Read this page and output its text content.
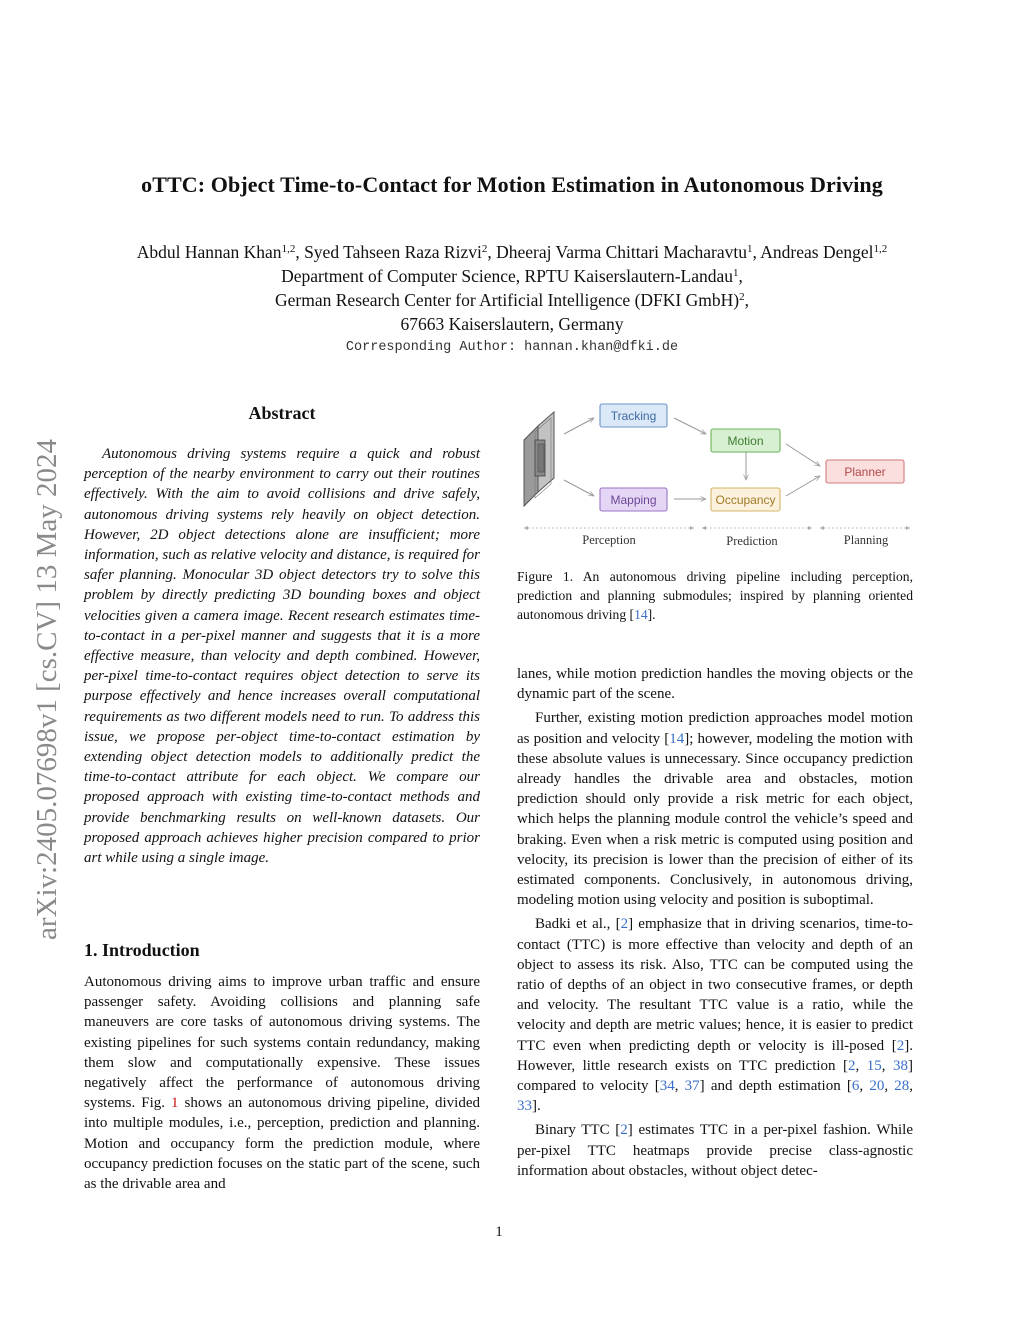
arXiv:2405.07698v1 [cs.CV] 13 May 2024
oTTC: Object Time-to-Contact for Motion Estimation in Autonomous Driving
Abdul Hannan Khan$^{1,2}$, Syed Tahseen Raza Rizvi$^2$, Dheeraj Varma Chittari Macharavtu$^1$, Andreas Dengel$^{1,2}$
Department of Computer Science, RPTU Kaiserslautern-Landau$^1$,
German Research Center for Artificial Intelligence (DFKI GmbH)$^2$,
67663 Kaiserslautern, Germany
Corresponding Author: hannan.khan@dfki.de
Abstract
Autonomous driving systems require a quick and robust perception of the nearby environment to carry out their routines effectively. With the aim to avoid collisions and drive safely, autonomous driving systems rely heavily on object detection. However, 2D object detections alone are insufficient; more information, such as relative velocity and distance, is required for safer planning. Monocular 3D object detectors try to solve this problem by directly predicting 3D bounding boxes and object velocities given a camera image. Recent research estimates time-to-contact in a per-pixel manner and suggests that it is a more effective measure, than velocity and depth combined. However, per-pixel time-to-contact requires object detection to serve its purpose effectively and hence increases overall computational requirements as two different models need to run. To address this issue, we propose per-object time-to-contact estimation by extending object detection models to additionally predict the time-to-contact attribute for each object. We compare our proposed approach with existing time-to-contact methods and provide benchmarking results on well-known datasets. Our proposed approach achieves higher precision compared to prior art while using a single image.
1. Introduction

Autonomous driving aims to improve urban traffic and ensure passenger safety. Avoiding collisions and planning safe maneuvers are core tasks of autonomous driving systems. The existing pipelines for such systems contain redundancy, making them slow and computationally expensive. These issues negatively affect the performance of autonomous driving systems. Fig. 1 shows an autonomous driving pipeline, divided into multiple modules, i.e., perception, prediction and planning. Motion and occupancy form the prediction module, where occupancy prediction focuses on the static part of the scene, such as the drivable area and

Tracking
Mapping
Motion
Occupancy
Planner
Perception	Prediction	Planning
Figure 1. An autonomous driving pipeline including perception, prediction and planning submodules; inspired by planning oriented autonomous driving [14].

lanes, while motion prediction handles the moving objects or the dynamic part of the scene.

Further, existing motion prediction approaches model motion as position and velocity [14]; however, modeling the motion with these absolute values is unnecessary. Since occupancy prediction already handles the drivable area and obstacles, motion prediction should only provide a risk metric for each object, which helps the planning module control the vehicle’s speed and braking. Even when a risk metric is computed using position and velocity, its precision is lower than the precision of either of its estimated components. Conclusively, in autonomous driving, modeling motion using velocity and position is suboptimal.

Badki et al., [2] emphasize that in driving scenarios, time-to-contact (TTC) is more effective than velocity and depth of an object to assess its risk. Also, TTC can be computed using the ratio of depths of an object in two consecutive frames, or depth and velocity. The resultant TTC value is a ratio, while the velocity and depth are metric values; hence, it is easier to predict TTC even when predicting depth or velocity is ill-posed [2]. However, little research exists on TTC prediction [2, 15, 38] compared to velocity [34, 37] and depth estimation [6, 20, 28, 33].

Binary TTC [2] estimates TTC in a per-pixel fashion. While per-pixel TTC heatmaps provide precise class-agnostic information about obstacles, without object detec-

1
